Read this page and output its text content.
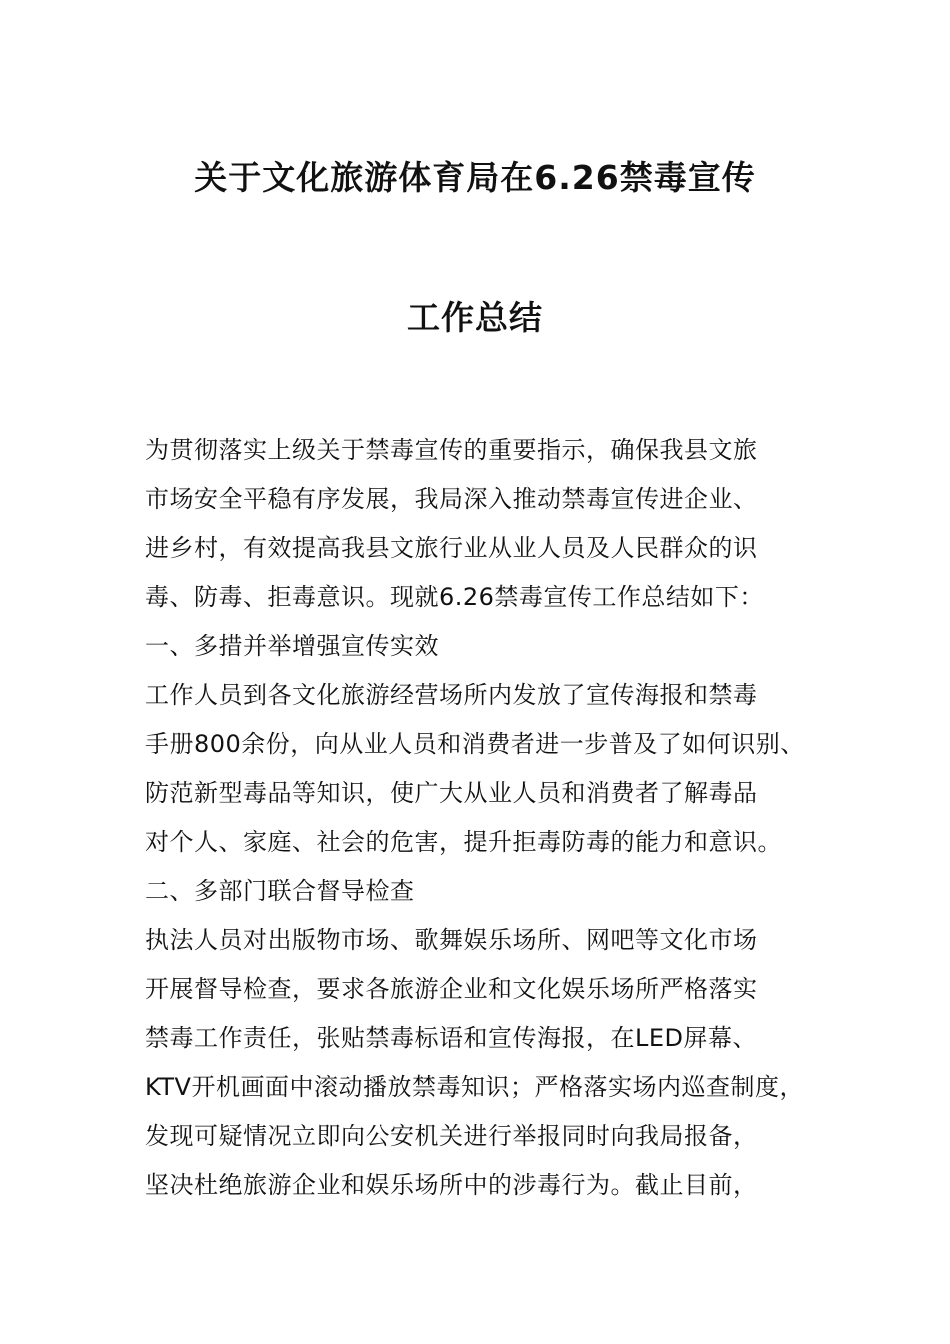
关于文化旅游体育局在6.26禁毒宣传
工作总结
为贯彻落实上级关于禁毒宣传的重要指示，确保我县文旅
市场安全平稳有序发展，我局深入推动禁毒宣传进企业、
进乡村，有效提高我县文旅行业从业人员及人民群众的识
毒、防毒、拒毒意识。现就6.26禁毒宣传工作总结如下：
一、多措并举增强宣传实效
工作人员到各文化旅游经营场所内发放了宣传海报和禁毒
手册800余份，向从业人员和消费者进一步普及了如何识别、
防范新型毒品等知识，使广大从业人员和消费者了解毒品
对个人、家庭、社会的危害，提升拒毒防毒的能力和意识。
二、多部门联合督导检查
执法人员对出版物市场、歌舞娱乐场所、网吧等文化市场
开展督导检查，要求各旅游企业和文化娱乐场所严格落实
禁毒工作责任，张贴禁毒标语和宣传海报，在LED屏幕、
KTV开机画面中滚动播放禁毒知识；严格落实场内巡查制度，
发现可疑情况立即向公安机关进行举报同时向我局报备，
坚决杜绝旅游企业和娱乐场所中的涉毒行为。截止目前，
